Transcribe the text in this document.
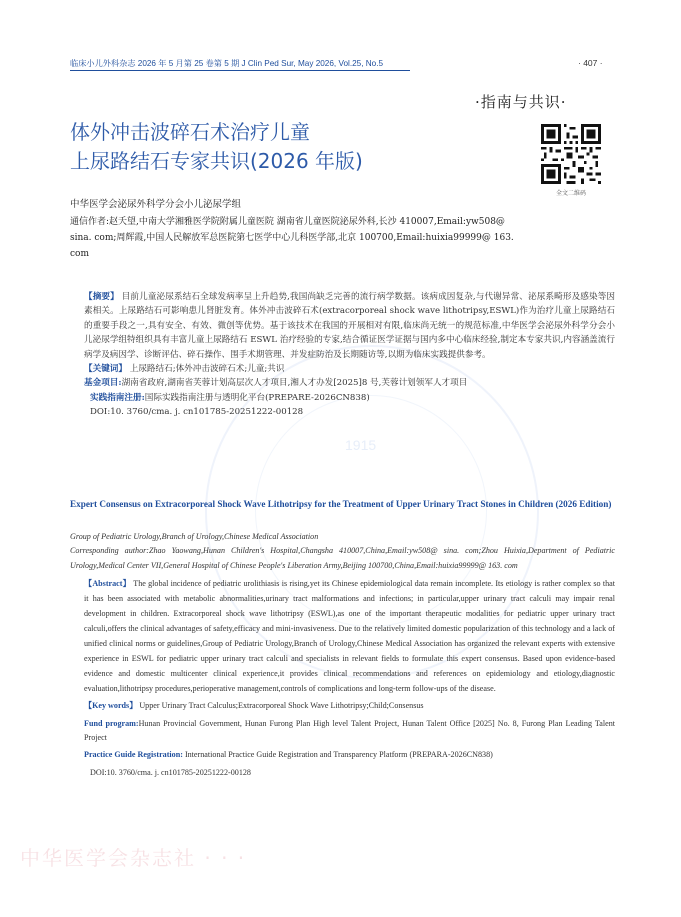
临床小儿外科杂志 2026 年 5 月第 25 卷第 5 期 J Clin Ped Sur, May 2026, Vol.25, No.5	· 407 ·
1915
·指南与共识·
体外冲击波碎石术治疗儿童
上尿路结石专家共识(2026 年版)
全文二维码
中华医学会泌尿外科学分会小儿泌尿学组
通信作者:赵夭望,中南大学湘雅医学院附属儿童医院 湖南省儿童医院泌尿外科,长沙 410007,Email:yw508@ sina. com;周辉霞,中国人民解放军总医院第七医学中心儿科医学部,北京 100700,Email:huixia99999@ 163. com
【摘要】 目前儿童泌尿系结石全球发病率呈上升趋势,我国尚缺乏完善的流行病学数据。该病成因复杂,与代谢异常、泌尿系畸形及感染等因素相关。上尿路结石可影响患儿肾脏发育。体外冲击波碎石术(extracorporeal shock wave lithotripsy,ESWL)作为治疗儿童上尿路结石的重要手段之一,具有安全、有效、微创等优势。基于该技术在我国的开展相对有限,临床尚无统一的规范标准,中华医学会泌尿外科学分会小儿泌尿学组特组织具有丰富儿童上尿路结石 ESWL 治疗经验的专家,结合循证医学证据与国内多中心临床经验,制定本专家共识,内容涵盖流行病学及病因学、诊断评估、碎石操作、围手术期管理、并发症防治及长期随访等,以期为临床实践提供参考。
【关键词】 上尿路结石;体外冲击波碎石术;儿童;共识
基金项目:湖南省政府,湖南省芙蓉计划高层次人才项目,湘人才办发[2025]8 号,芙蓉计划领军人才项目
实践指南注册:国际实践指南注册与透明化平台(PREPARE-2026CN838)
DOI:10. 3760/cma. j. cn101785-20251222-00128
Expert Consensus on Extracorporeal Shock Wave Lithotripsy for the Treatment of Upper Urinary Tract Stones in Children (2026 Edition)
Group of Pediatric Urology,Branch of Urology,Chinese Medical Association
Corresponding author:Zhao Yaowang,Hunan Children's Hospital,Changsha 410007,China,Email:yw508@ sina. com;Zhou Huixia,Department of Pediatric Urology,Medical Center VII,General Hospital of Chinese People's Liberation Army,Beijing 100700,China,Email:huixia99999@ 163. com
【Abstract】 The global incidence of pediatric urolithiasis is rising,yet its Chinese epidemiological data remain incomplete. Its etiology is rather complex so that it has been associated with metabolic abnormalities,urinary tract malformations and infections; in particular,upper urinary tract calculi may impair renal development in children. Extracorporeal shock wave lithotripsy (ESWL),as one of the important therapeutic modalities for pediatric upper urinary tract calculi,offers the clinical advantages of safety,efficacy and mini-invasiveness. Due to the relatively limited domestic popularization of this technology and a lack of unified clinical norms or guidelines,Group of Pediatric Urology,Branch of Urology,Chinese Medical Association has organized the relevant experts with extensive experience in ESWL for pediatric upper urinary tract calculi and specialists in relevant fields to formulate this expert consensus. Based upon evidence-based evidence and domestic multicenter clinical experience,it provides clinical recommendations and references on epidemiology and etiology,diagnostic evaluation,lithotripsy procedures,perioperative management,controls of complications and long-term follow-ups of the disease.
【Key words】 Upper Urinary Tract Calculus;Extracorporeal Shock Wave Lithotripsy;Child;Consensus
Fund program:Hunan Provincial Government, Hunan Furong Plan High level Talent Project, Hunan Talent Office [2025] No. 8, Furong Plan Leading Talent Project
Practice Guide Registration: International Practice Guide Registration and Transparency Platform (PREPARA-2026CN838)
DOI:10. 3760/cma. j. cn101785-20251222-00128
中华医学会杂志社 · · ·
